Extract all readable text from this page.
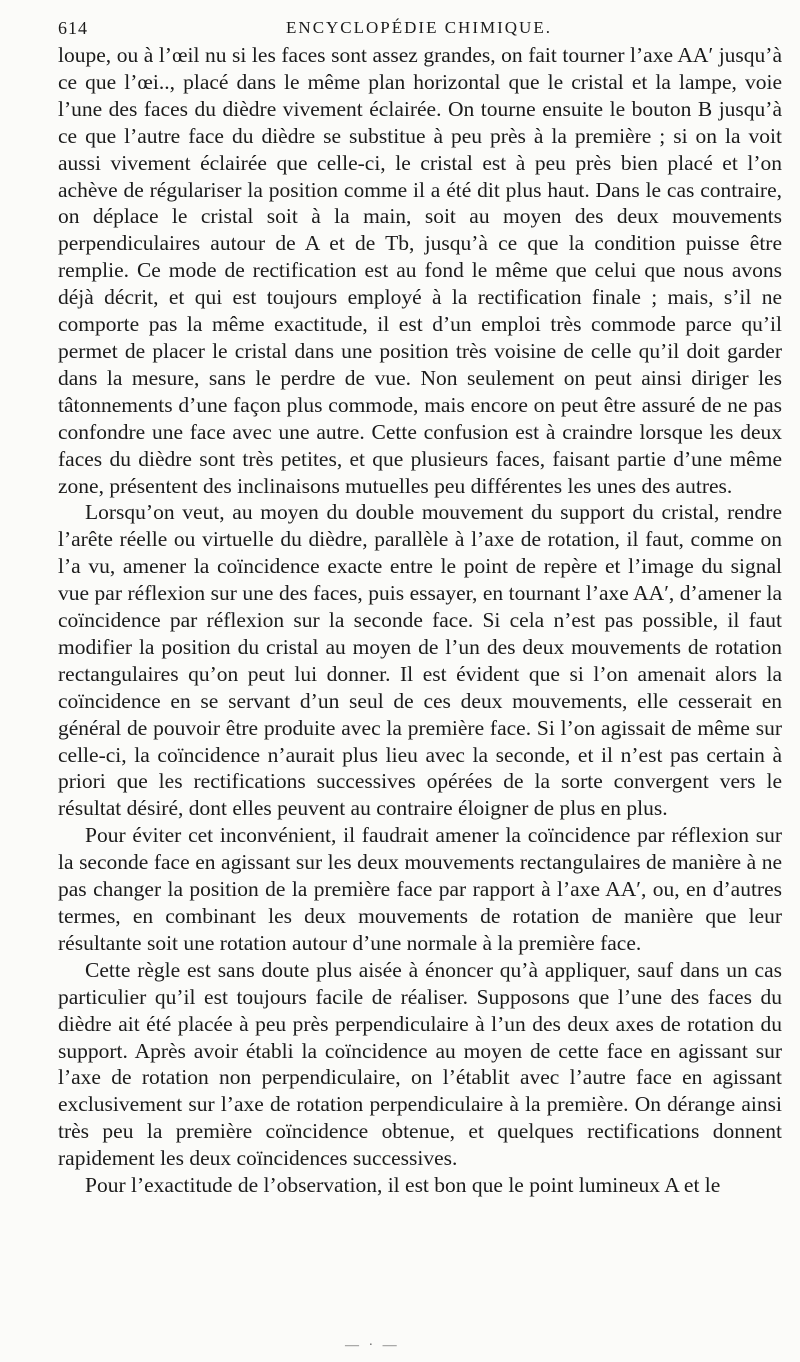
614	ENCYCLOPÉDIE CHIMIQUE.

loupe, ou à l’œil nu si les faces sont assez grandes, on fait tourner l’axe AA′ jusqu’à ce que l’œi.., placé dans le même plan horizontal que le cristal et la lampe, voie l’une des faces du dièdre vivement éclairée. On tourne ensuite le bouton B jusqu’à ce que l’autre face du dièdre se substitue à peu près à la première ; si on la voit aussi vivement éclairée que celle-ci, le cristal est à peu près bien placé et l’on achève de régulariser la position comme il a été dit plus haut. Dans le cas contraire, on déplace le cristal soit à la main, soit au moyen des deux mouvements perpendiculaires autour de A et de Tb, jusqu’à ce que la condition puisse être remplie. Ce mode de rectification est au fond le même que celui que nous avons déjà décrit, et qui est toujours employé à la rectification finale ; mais, s’il ne comporte pas la même exactitude, il est d’un emploi très commode parce qu’il permet de placer le cristal dans une position très voisine de celle qu’il doit garder dans la mesure, sans le perdre de vue. Non seulement on peut ainsi diriger les tâtonnements d’une façon plus commode, mais encore on peut être assuré de ne pas confondre une face avec une autre. Cette confusion est à craindre lorsque les deux faces du dièdre sont très petites, et que plusieurs faces, faisant partie d’une même zone, présentent des inclinaisons mutuelles peu différentes les unes des autres.

Lorsqu’on veut, au moyen du double mouvement du support du cristal, rendre l’arête réelle ou virtuelle du dièdre, parallèle à l’axe de rotation, il faut, comme on l’a vu, amener la coïncidence exacte entre le point de repère et l’image du signal vue par réflexion sur une des faces, puis essayer, en tournant l’axe AA′, d’amener la coïncidence par réflexion sur la seconde face. Si cela n’est pas possible, il faut modifier la position du cristal au moyen de l’un des deux mouvements de rotation rectangulaires qu’on peut lui donner. Il est évident que si l’on amenait alors la coïncidence en se servant d’un seul de ces deux mouvements, elle cesserait en général de pouvoir être produite avec la première face. Si l’on agissait de même sur celle-ci, la coïncidence n’aurait plus lieu avec la seconde, et il n’est pas certain à priori que les rectifications successives opérées de la sorte convergent vers le résultat désiré, dont elles peuvent au contraire éloigner de plus en plus.

Pour éviter cet inconvénient, il faudrait amener la coïncidence par réflexion sur la seconde face en agissant sur les deux mouvements rectangulaires de manière à ne pas changer la position de la première face par rapport à l’axe AA′, ou, en d’autres termes, en combinant les deux mouvements de rotation de manière que leur résultante soit une rotation autour d’une normale à la première face.

Cette règle est sans doute plus aisée à énoncer qu’à appliquer, sauf dans un cas particulier qu’il est toujours facile de réaliser. Supposons que l’une des faces du dièdre ait été placée à peu près perpendiculaire à l’un des deux axes de rotation du support. Après avoir établi la coïncidence au moyen de cette face en agissant sur l’axe de rotation non perpendiculaire, on l’établit avec l’autre face en agissant exclusivement sur l’axe de rotation perpendiculaire à la première. On dérange ainsi très peu la première coïncidence obtenue, et quelques rectifications donnent rapidement les deux coïncidences successives.

Pour l’exactitude de l’observation, il est bon que le point lumineux A et le

— · —
